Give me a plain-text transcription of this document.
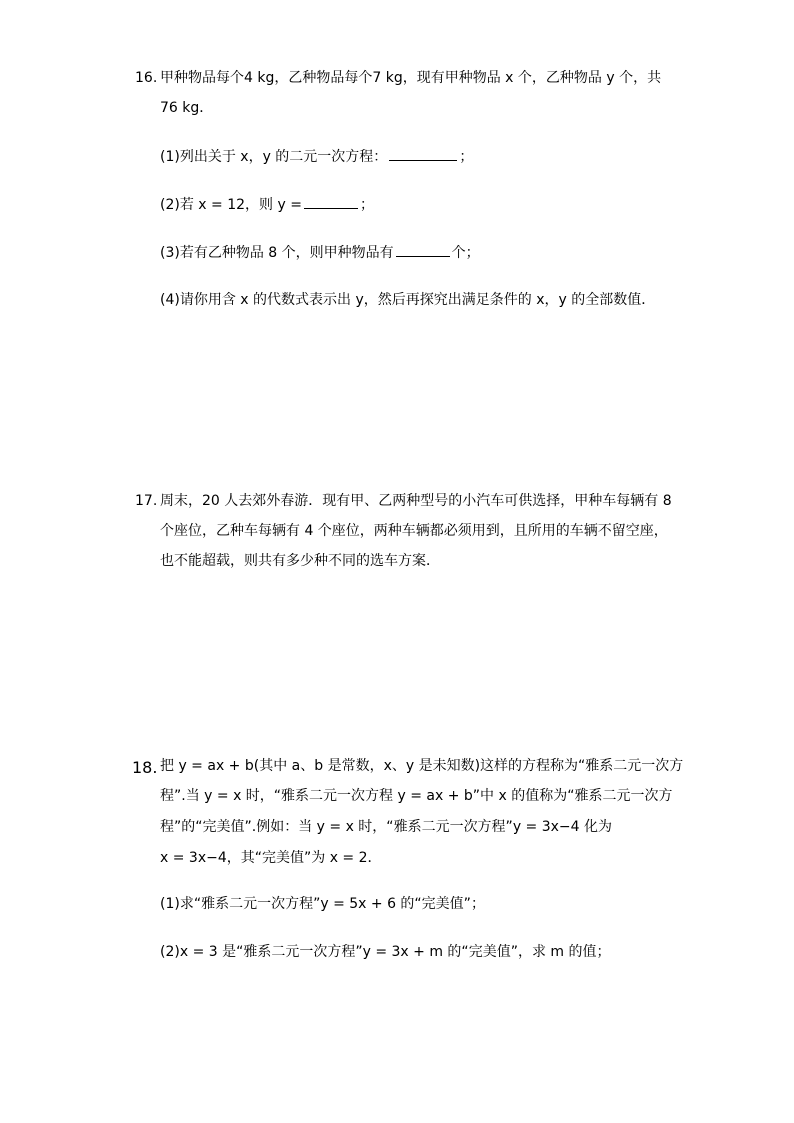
16. 甲种物品每个4 kg，乙种物品每个7 kg，现有甲种物品 x 个，乙种物品 y 个，共
76 kg．
(1)列出关于 x，y 的二元一次方程：	；
(2)若 x = 12，则 y =	；
(3)若有乙种物品 8 个，则甲种物品有	个；
(4)请你用含 x 的代数式表示出 y，然后再探究出满足条件的 x，y 的全部数值．
17. 周末，20 人去郊外春游．现有甲、乙两种型号的小汽车可供选择，甲种车每辆有 8
个座位，乙种车每辆有 4 个座位，两种车辆都必须用到，且所用的车辆不留空座，
也不能超载，则共有多少种不同的选车方案．
18. 把 y = ax + b(其中 a、b 是常数，x、y 是未知数)这样的方程称为“雅系二元一次方
程”.当 y = x 时，“雅系二元一次方程 y = ax + b”中 x 的值称为“雅系二元一次方
程”的“完美值”.例如：当 y = x 时，“雅系二元一次方程”y = 3x−4 化为
x = 3x−4，其“完美值”为 x = 2．
(1)求“雅系二元一次方程”y = 5x + 6 的“完美值”；
(2)x = 3 是“雅系二元一次方程”y = 3x + m 的“完美值”，求 m 的值；
